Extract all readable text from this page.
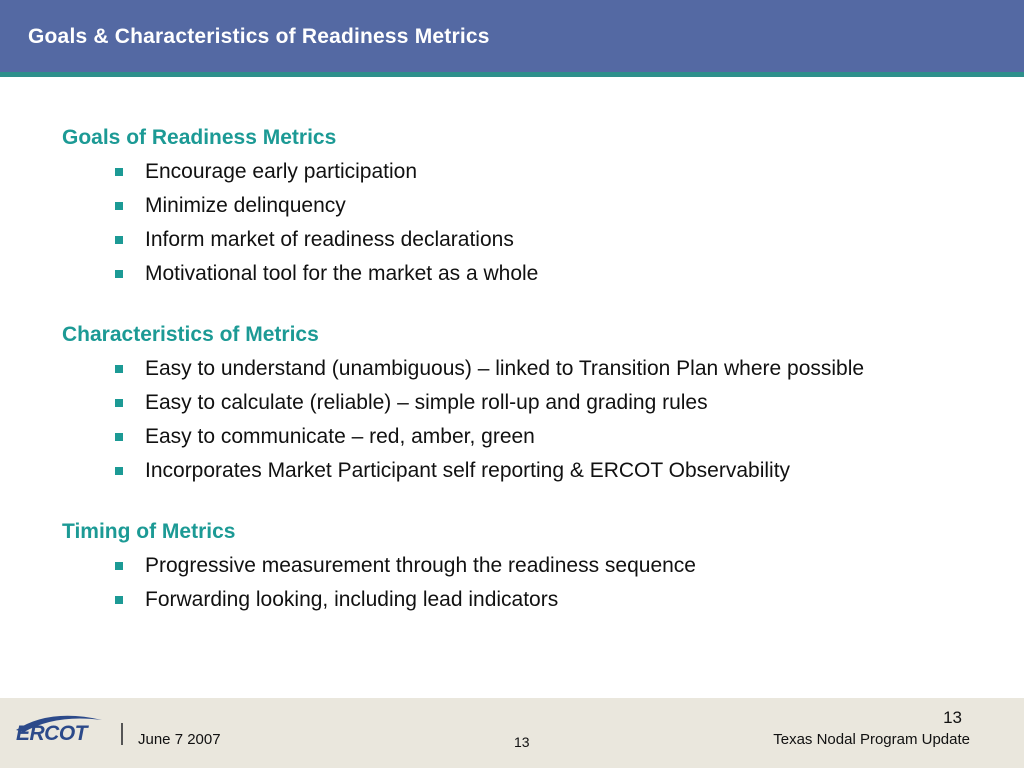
Goals & Characteristics of Readiness Metrics
Goals of Readiness Metrics
Encourage early participation
Minimize delinquency
Inform market of readiness declarations
Motivational tool for the market as a whole
Characteristics of Metrics
Easy to understand (unambiguous) – linked to Transition Plan where possible
Easy to calculate (reliable) – simple roll-up and grading rules
Easy to communicate – red, amber, green
Incorporates Market Participant self reporting & ERCOT Observability
Timing of Metrics
Progressive measurement through the readiness sequence
Forwarding looking, including lead indicators
ERCOT	June 7 2007	13
13
Texas Nodal Program Update
